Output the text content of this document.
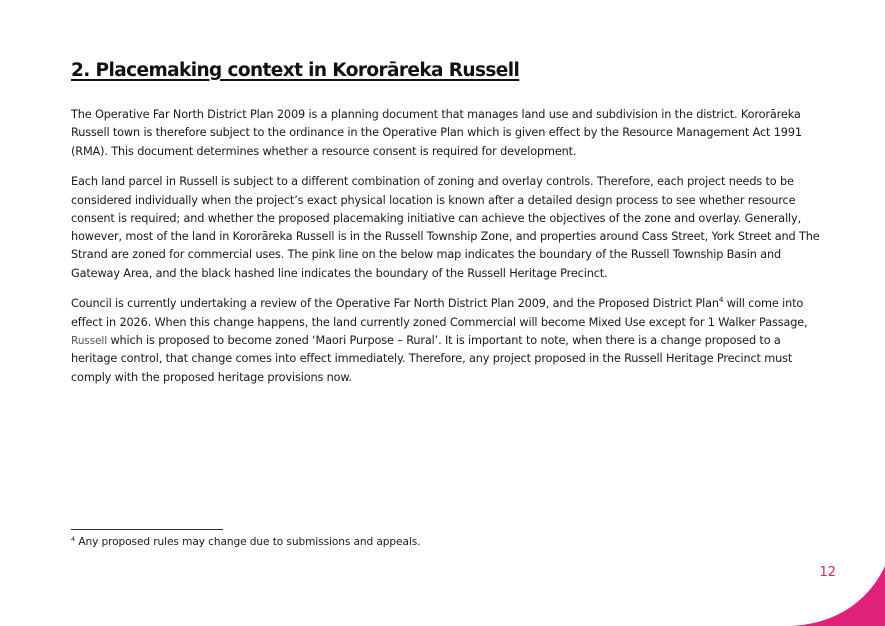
2. Placemaking context in Kororāreka Russell

The Operative Far North District Plan 2009 is a planning document that manages land use and subdivision in the district. Kororāreka
Russell town is therefore subject to the ordinance in the Operative Plan which is given effect by the Resource Management Act 1991
(RMA). This document determines whether a resource consent is required for development.

Each land parcel in Russell is subject to a different combination of zoning and overlay controls. Therefore, each project needs to be
considered individually when the project’s exact physical location is known after a detailed design process to see whether resource
consent is required; and whether the proposed placemaking initiative can achieve the objectives of the zone and overlay. Generally,
however, most of the land in Kororāreka Russell is in the Russell Township Zone, and properties around Cass Street, York Street and The
Strand are zoned for commercial uses. The pink line on the below map indicates the boundary of the Russell Township Basin and
Gateway Area, and the black hashed line indicates the boundary of the Russell Heritage Precinct.

Council is currently undertaking a review of the Operative Far North District Plan 2009, and the Proposed District Plan$^4$ will come into
effect in 2026. When this change happens, the land currently zoned Commercial will become Mixed Use except for 1 Walker Passage,
Russell which is proposed to become zoned ‘Maori Purpose – Rural’. It is important to note, when there is a change proposed to a
heritage control, that change comes into effect immediately. Therefore, any project proposed in the Russell Heritage Precinct must
comply with the proposed heritage provisions now.

$^4$ Any proposed rules may change due to submissions and appeals.
12
